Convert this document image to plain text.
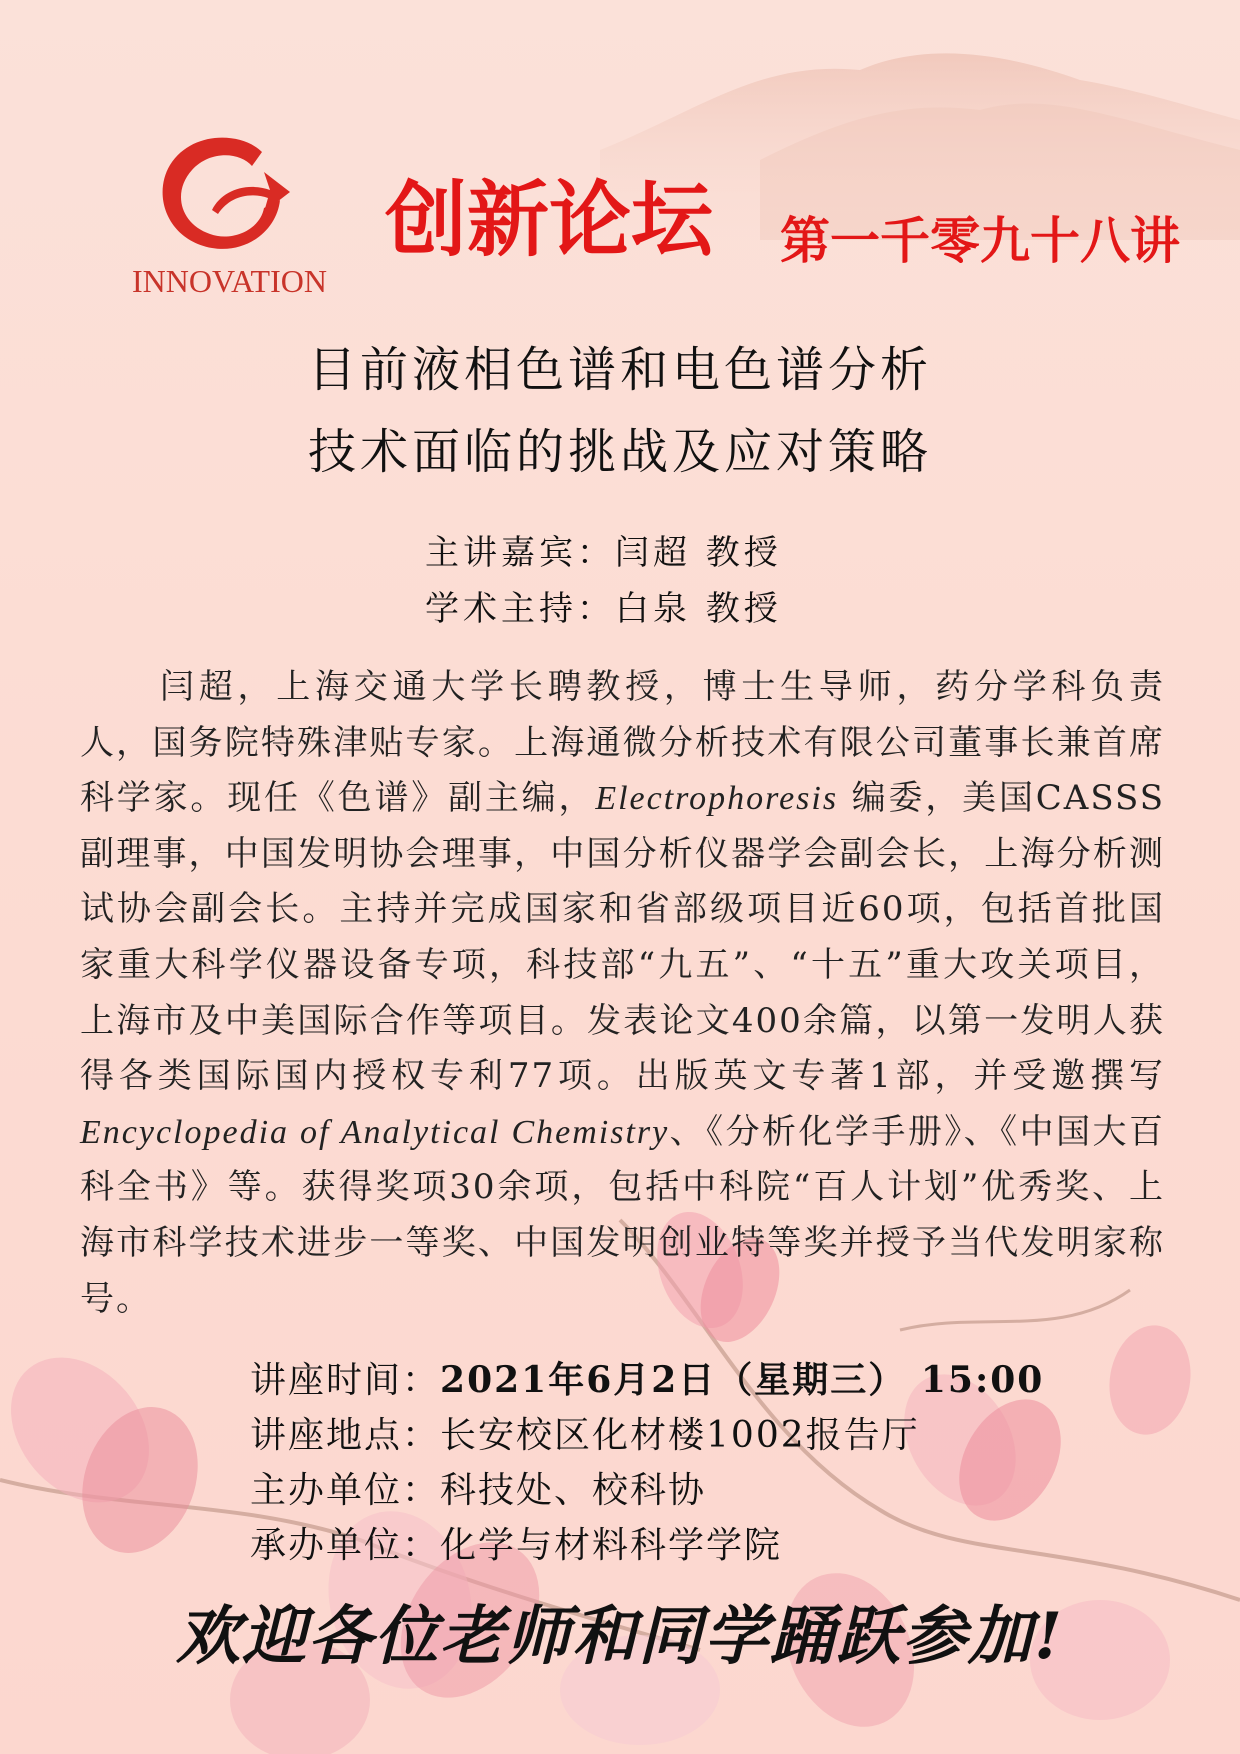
INNOVATION
创新论坛 第一千零九十八讲
目前液相色谱和电色谱分析
技术面临的挑战及应对策略
主讲嘉宾：闫超 教授
学术主持：白泉 教授

闫超，上海交通大学长聘教授，博士生导师，药分学科负责人，国务院特殊津贴专家。上海通微分析技术有限公司董事长兼首席科学家。现任《色谱》副主编，Electrophoresis 编委，美国CASSS副理事，中国发明协会理事，中国分析仪器学会副会长，上海分析测试协会副会长。主持并完成国家和省部级项目近60项，包括首批国家重大科学仪器设备专项，科技部“九五”、“十五”重大攻关项目，上海市及中美国际合作等项目。发表论文400余篇，以第一发明人获得各类国际国内授权专利77项。出版英文专著1部，并受邀撰写 Encyclopedia of Analytical Chemistry、《分析化学手册》、《中国大百科全书》等。获得奖项30余项，包括中科院“百人计划”优秀奖、上海市科学技术进步一等奖、中国发明创业特等奖并授予当代发明家称号。

讲座时间：2021年6月2日（星期三） 15:00
讲座地点：长安校区化材楼1002报告厅
主办单位：科技处、校科协
承办单位：化学与材料科学学院
欢迎各位老师和同学踊跃参加!
